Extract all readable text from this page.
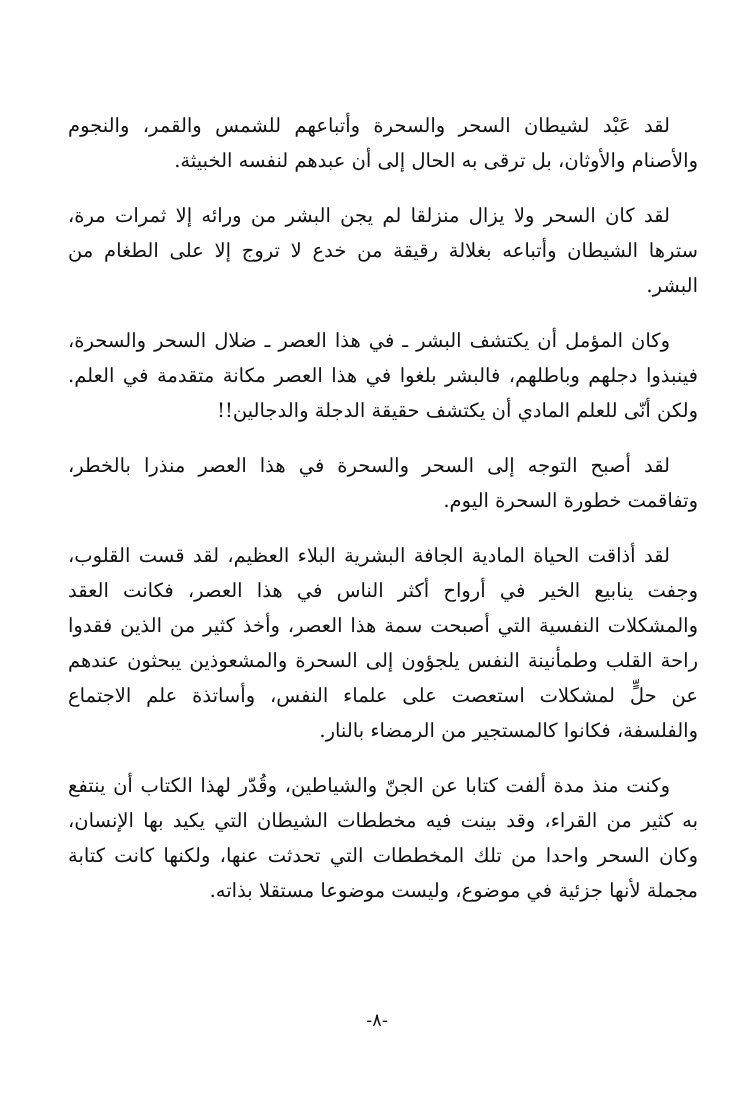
لقد عَبْد لشيطان السحر والسحرة وأتباعهم للشمس والقمر، والنجوم والأصنام والأوثان، بل ترقى به الحال إلى أن عبدهم لنفسه الخبيثة.

لقد كان السحر ولا يزال منزلقا لم يجن البشر من ورائه إلا ثمرات مرة، سترها الشيطان وأتباعه بغلالة رقيقة من خدع لا تروج إلا على الطغام من البشر.

وكان المؤمل أن يكتشف البشر ـ في هذا العصر ـ ضلال السحر والسحرة، فينبذوا دجلهم وباطلهم، فالبشر بلغوا في هذا العصر مكانة متقدمة في العلم. ولكن أنّى للعلم المادي أن يكتشف حقيقة الدجلة والدجالين!!

لقد أصبح التوجه إلى السحر والسحرة في هذا العصر منذرا بالخطر، وتفاقمت خطورة السحرة اليوم.

لقد أذاقت الحياة المادية الجافة البشرية البلاء العظيم، لقد قست القلوب، وجفت ينابيع الخير في أرواح أكثر الناس في هذا العصر، فكانت العقد والمشكلات النفسية التي أصبحت سمة هذا العصر، وأخذ كثير من الذين فقدوا راحة القلب وطمأنينة النفس يلجؤون إلى السحرة والمشعوذين يبحثون عندهم عن حلٍّ لمشكلات استعصت على علماء النفس، وأساتذة علم الاجتماع والفلسفة، فكانوا كالمستجير من الرمضاء بالنار.

وكنت منذ مدة ألفت كتابا عن الجنّ والشياطين، وقُدّر لهذا الكتاب أن ينتفع به كثير من القراء، وقد بينت فيه مخططات الشيطان التي يكيد بها الإنسان، وكان السحر واحدا من تلك المخططات التي تحدثت عنها، ولكنها كانت كتابة مجملة لأنها جزئية في موضوع، وليست موضوعا مستقلا بذاته.

-٨-
